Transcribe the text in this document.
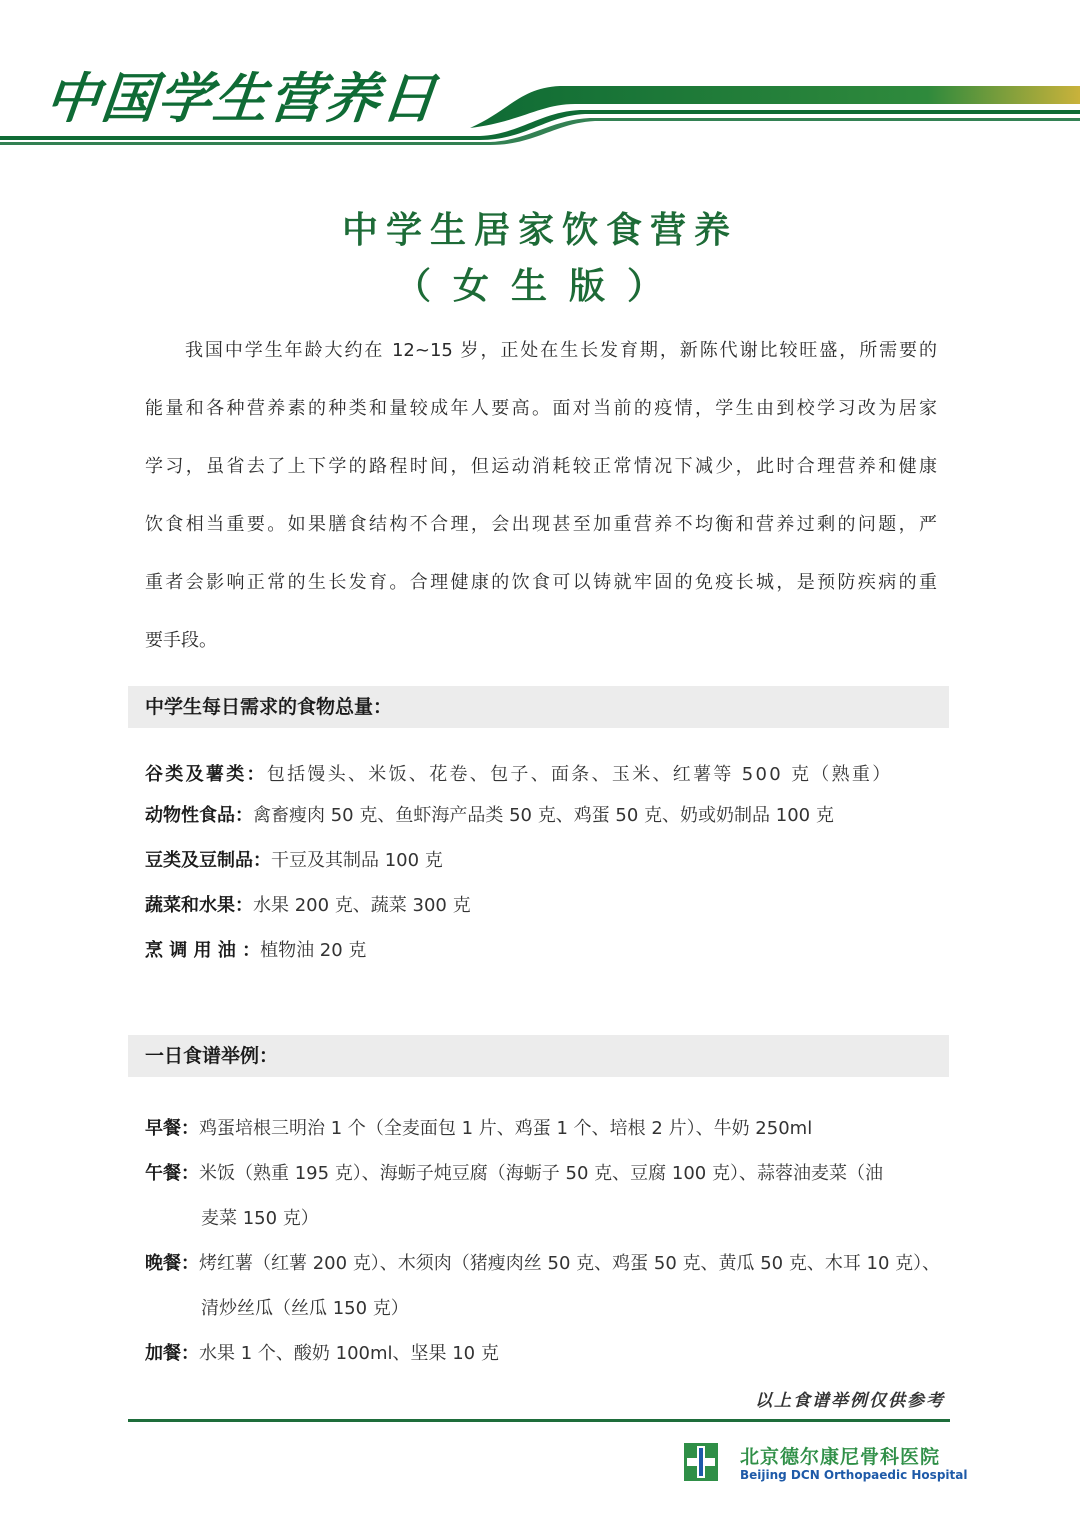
中国学生营养日
中学生居家饮食营养
（女生版）
我国中学生年龄大约在 12~15 岁，正处在生长发育期，新陈代谢比较旺盛，所需要的
能量和各种营养素的种类和量较成年人要高。面对当前的疫情，学生由到校学习改为居家
学习，虽省去了上下学的路程时间，但运动消耗较正常情况下减少，此时合理营养和健康
饮食相当重要。如果膳食结构不合理，会出现甚至加重营养不均衡和营养过剩的问题，严
重者会影响正常的生长发育。合理健康的饮食可以铸就牢固的免疫长城，是预防疾病的重
要手段。
中学生每日需求的食物总量：
谷类及薯类：包括馒头、米饭、花卷、包子、面条、玉米、红薯等 500 克（熟重）
动物性食品：禽畜瘦肉 50 克、鱼虾海产品类 50 克、鸡蛋 50 克、奶或奶制品 100 克
豆类及豆制品：干豆及其制品 100 克
蔬菜和水果：水果 200 克、蔬菜 300 克
烹 调 用 油 ：植物油 20 克
一日食谱举例：
早餐：鸡蛋培根三明治 1 个（全麦面包 1 片、鸡蛋 1 个、培根 2 片）、牛奶 250ml
午餐：米饭（熟重 195 克）、海蛎子炖豆腐（海蛎子 50 克、豆腐 100 克）、蒜蓉油麦菜（油
麦菜 150 克）
晚餐：烤红薯（红薯 200 克）、木须肉（猪瘦肉丝 50 克、鸡蛋 50 克、黄瓜 50 克、木耳 10 克）、
清炒丝瓜（丝瓜 150 克）
加餐：水果 1 个、酸奶 100ml、坚果 10 克
以上食谱举例仅供参考
北京德尔康尼骨科医院
Beijing DCN Orthopaedic Hospital
